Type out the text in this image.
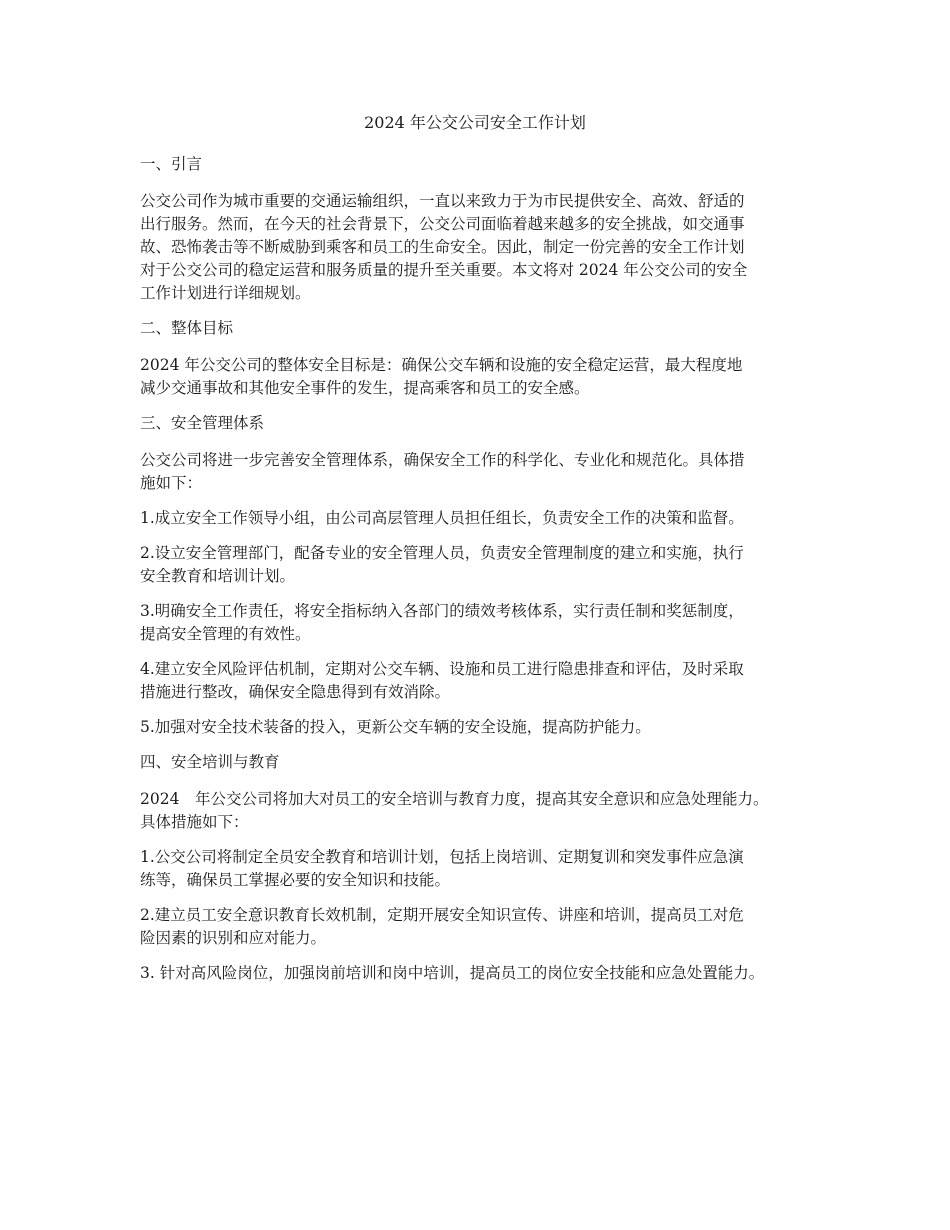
2024 年公交公司安全工作计划
一、引言

公交公司作为城市重要的交通运输组织，一直以来致力于为市民提供安全、高效、舒适的
出行服务。然而，在今天的社会背景下，公交公司面临着越来越多的安全挑战，如交通事
故、恐怖袭击等不断威胁到乘客和员工的生命安全。因此，制定一份完善的安全工作计划
对于公交公司的稳定运营和服务质量的提升至关重要。本文将对 2024 年公交公司的安全
工作计划进行详细规划。

二、整体目标

2024 年公交公司的整体安全目标是：确保公交车辆和设施的安全稳定运营，最大程度地
减少交通事故和其他安全事件的发生，提高乘客和员工的安全感。

三、安全管理体系

公交公司将进一步完善安全管理体系，确保安全工作的科学化、专业化和规范化。具体措
施如下：

1.成立安全工作领导小组，由公司高层管理人员担任组长，负责安全工作的决策和监督。

2.设立安全管理部门，配备专业的安全管理人员，负责安全管理制度的建立和实施，执行
安全教育和培训计划。

3.明确安全工作责任，将安全指标纳入各部门的绩效考核体系，实行责任制和奖惩制度，
提高安全管理的有效性。

4.建立安全风险评估机制，定期对公交车辆、设施和员工进行隐患排查和评估，及时采取
措施进行整改，确保安全隐患得到有效消除。

5.加强对安全技术装备的投入，更新公交车辆的安全设施，提高防护能力。

四、安全培训与教育

2024　年公交公司将加大对员工的安全培训与教育力度，提高其安全意识和应急处理能力。
具体措施如下：

1.公交公司将制定全员安全教育和培训计划，包括上岗培训、定期复训和突发事件应急演
练等，确保员工掌握必要的安全知识和技能。

2.建立员工安全意识教育长效机制，定期开展安全知识宣传、讲座和培训，提高员工对危
险因素的识别和应对能力。

3. 针对高风险岗位，加强岗前培训和岗中培训，提高员工的岗位安全技能和应急处置能力。
